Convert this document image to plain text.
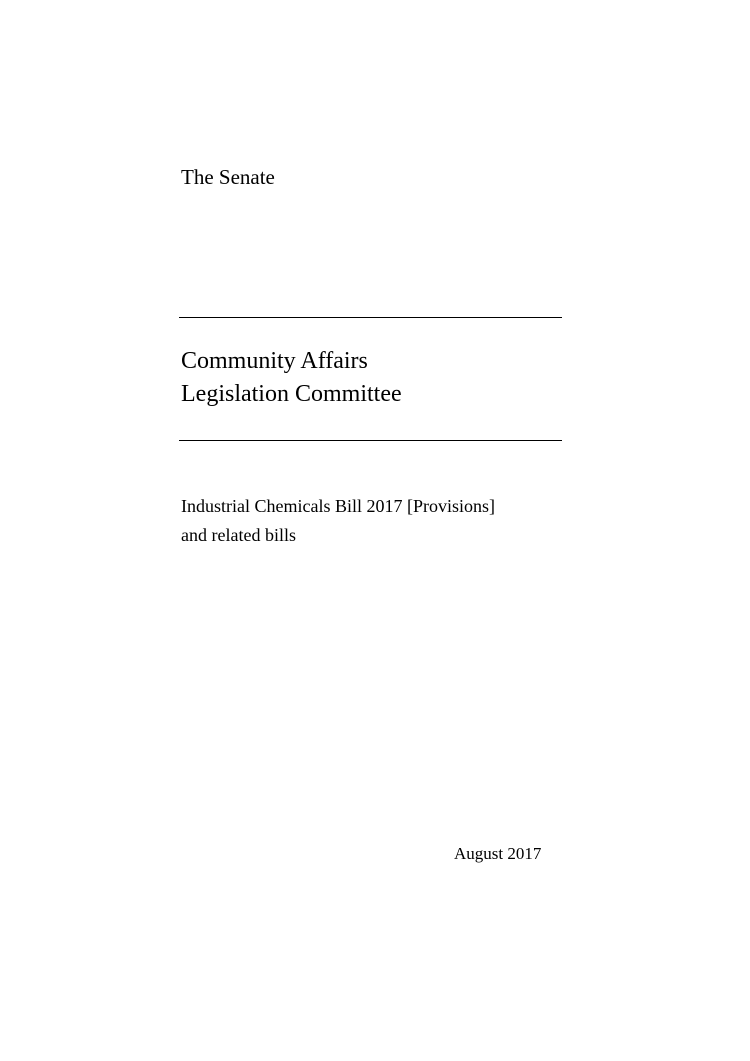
The Senate
Community Affairs
Legislation Committee
Industrial Chemicals Bill 2017 [Provisions]
and related bills
August 2017
